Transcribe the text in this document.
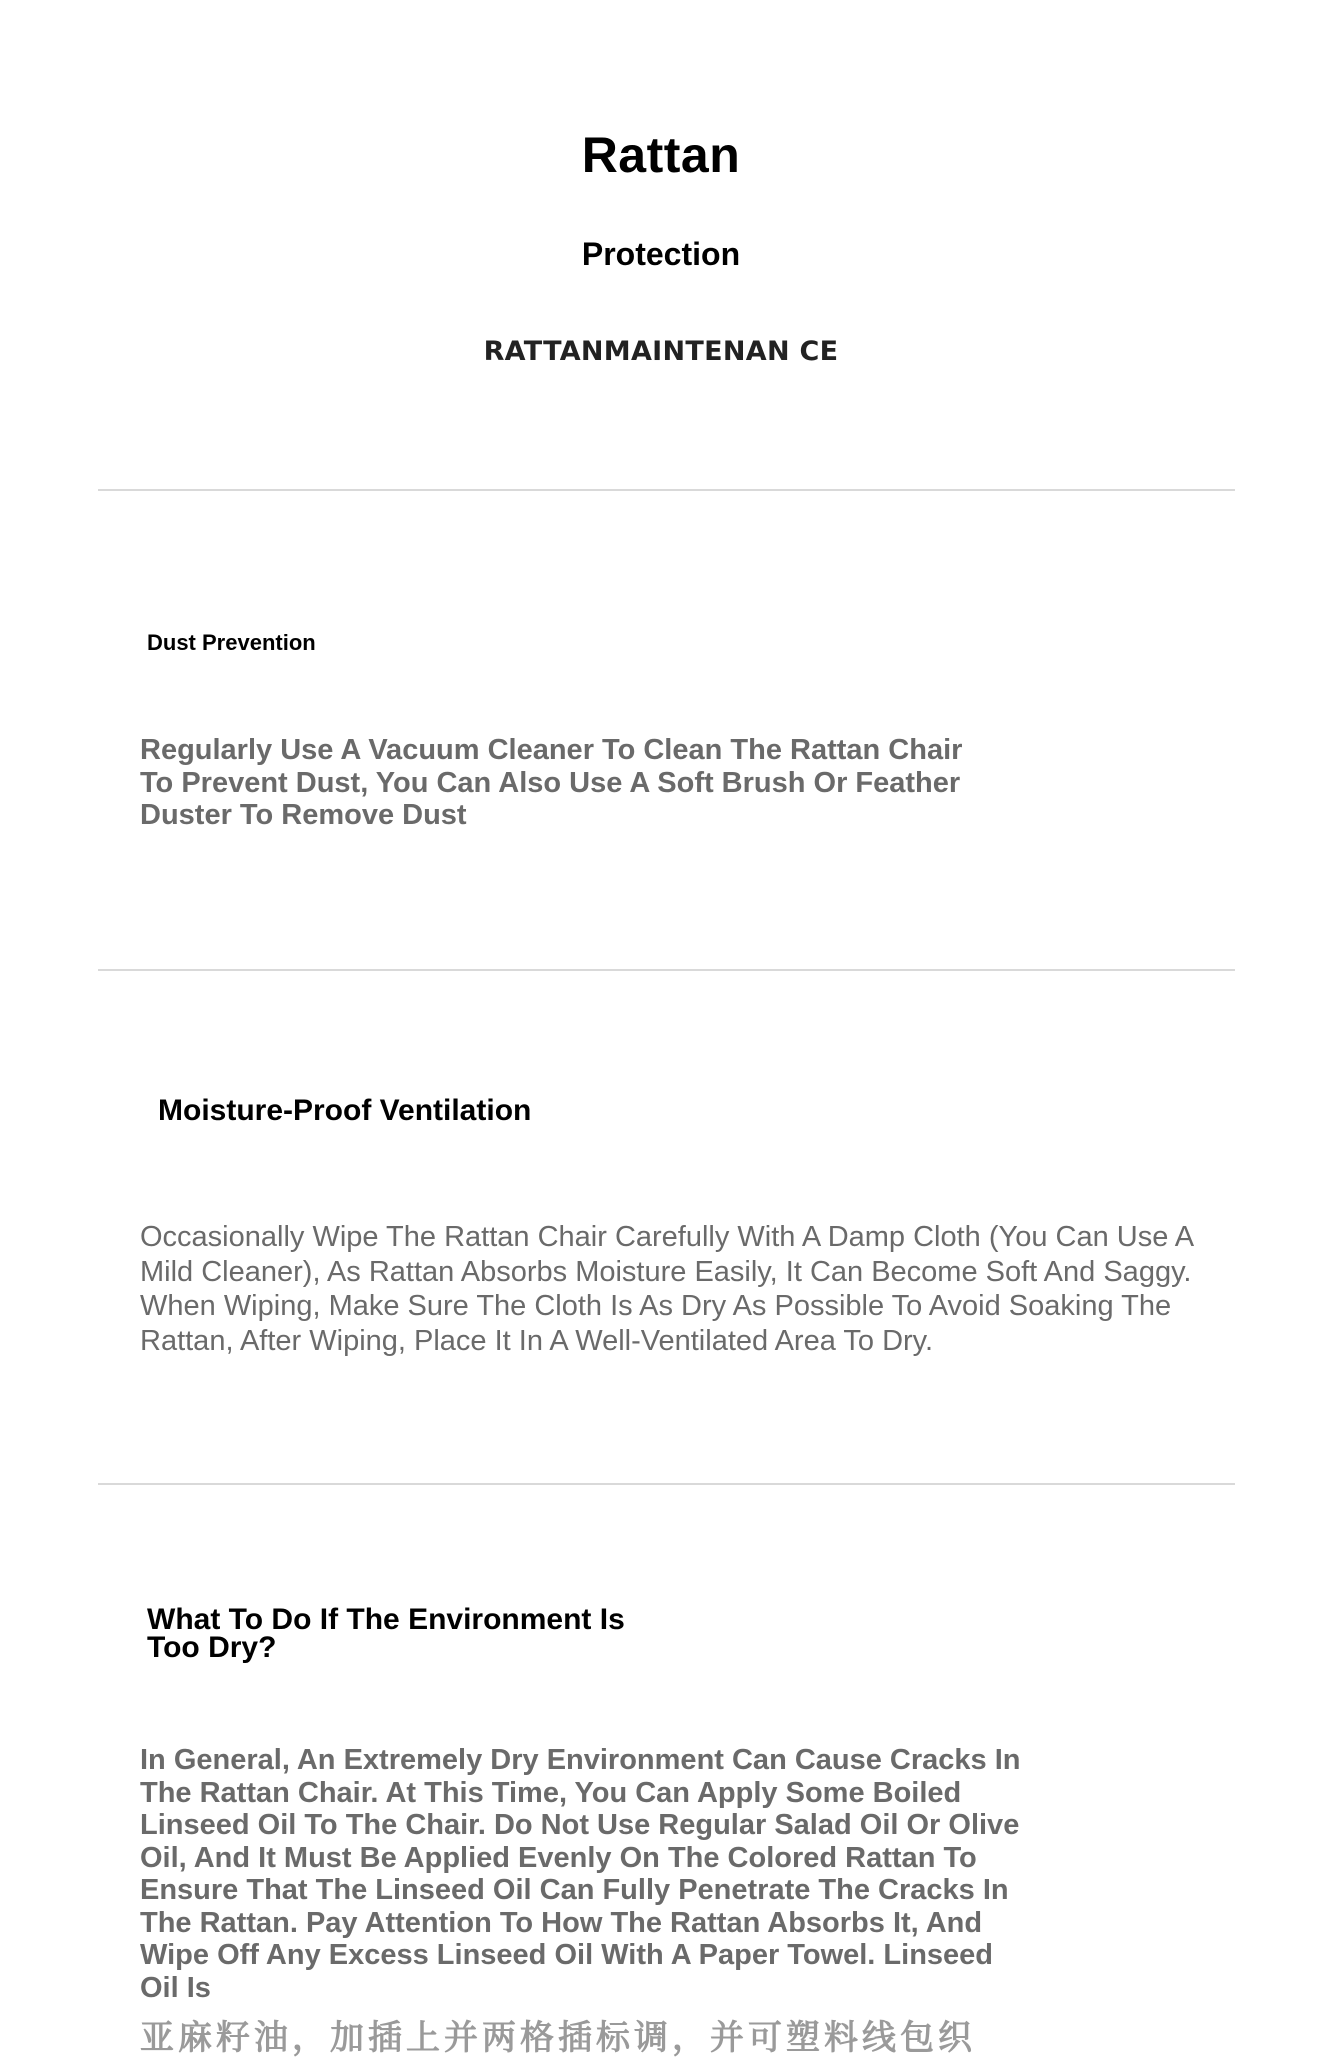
Rattan
Protection
RATTANMAINTENAN CE
Dust Prevention
Regularly Use A Vacuum Cleaner To Clean The Rattan Chair To Prevent Dust, You Can Also Use A Soft Brush Or Feather Duster To Remove Dust
Moisture-Proof Ventilation
Occasionally Wipe The Rattan Chair Carefully With A Damp Cloth (You Can Use A Mild Cleaner), As Rattan Absorbs Moisture Easily, It Can Become Soft And Saggy. When Wiping, Make Sure The Cloth Is As Dry As Possible To Avoid Soaking The Rattan, After Wiping, Place It In A Well-Ventilated Area To Dry.
What To Do If The Environment Is Too Dry?
In General, An Extremely Dry Environment Can Cause Cracks In The Rattan Chair. At This Time, You Can Apply Some Boiled Linseed Oil To The Chair. Do Not Use Regular Salad Oil Or Olive Oil, And It Must Be Applied Evenly On The Colored Rattan To Ensure That The Linseed Oil Can Fully Penetrate The Cracks In The Rattan. Pay Attention To How The Rattan Absorbs It, And Wipe Off Any Excess Linseed Oil With A Paper Towel. Linseed Oil Is
亚麻籽油，加插上并两格插标调，并可塑料线包织
